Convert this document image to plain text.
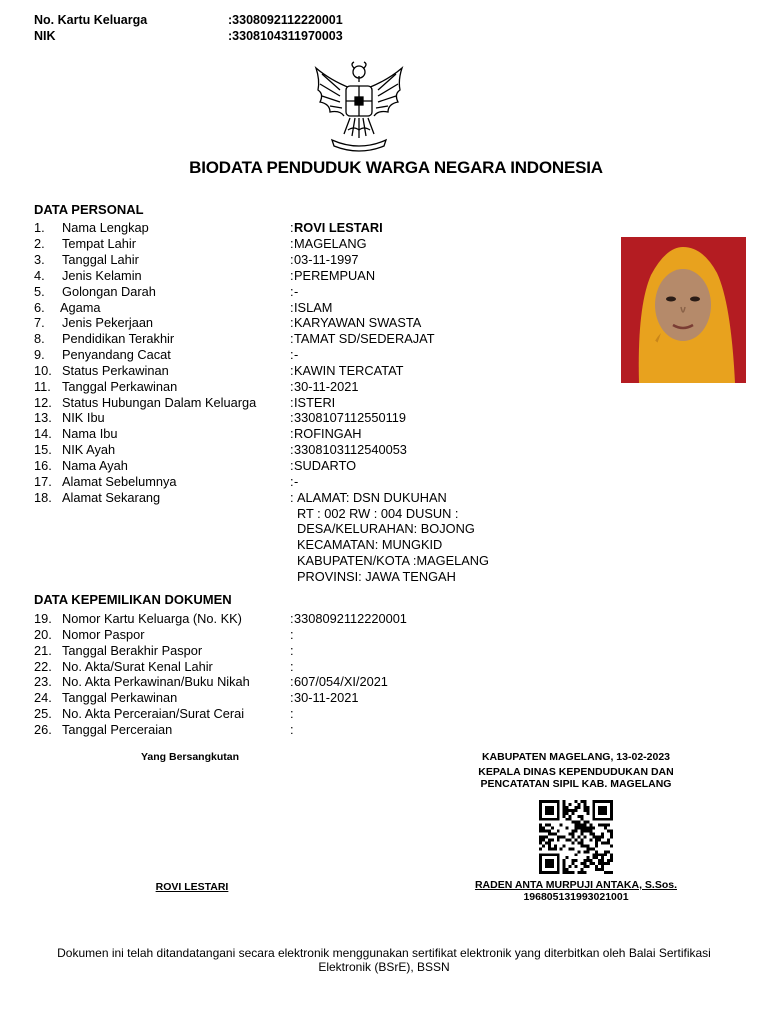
No. Kartu Keluarga	:3308092112220001
NIK	:3308104311970003
BIODATA PENDUDUK WARGA NEGARA INDONESIA
DATA PERSONAL
1. Nama Lengkap	: ROVI LESTARI
2. Tempat Lahir	: MAGELANG
3. Tanggal Lahir	: 03-11-1997
4. Jenis Kelamin	: PEREMPUAN
5. Golongan Darah	: -
6. Agama	: ISLAM
7. Jenis Pekerjaan	: KARYAWAN SWASTA
8. Pendidikan Terakhir	: TAMAT SD/SEDERAJAT
9. Penyandang Cacat	: -
10. Status Perkawinan	: KAWIN TERCATAT
11. Tanggal Perkawinan	: 30-11-2021
12. Status Hubungan Dalam Keluarga	: ISTERI
13. NIK Ibu	: 3308107112550119
14. Nama Ibu	: ROFINGAH
15. NIK Ayah	: 3308103112540053
16. Nama Ayah	: SUDARTO
17. Alamat Sebelumnya	: -
18. Alamat Sekarang	: ALAMAT: DSN DUKUHAN
RT : 002 RW : 004 DUSUN :
DESA/KELURAHAN: BOJONG
KECAMATAN: MUNGKID
KABUPATEN/KOTA :MAGELANG
PROVINSI: JAWA TENGAH
DATA KEPEMILIKAN DOKUMEN
19. Nomor Kartu Keluarga (No. KK)	: 3308092112220001
20. Nomor Paspor	:
21. Tanggal Berakhir Paspor	:
22. No. Akta/Surat Kenal Lahir	:
23. No. Akta Perkawinan/Buku Nikah	: 607/054/XI/2021
24. Tanggal Perkawinan	: 30-11-2021
25. No. Akta Perceraian/Surat Cerai	:
26. Tanggal Perceraian	:
Yang Bersangkutan
ROVI LESTARI
KABUPATEN MAGELANG, 13-02-2023
KEPALA DINAS KEPENDUDUKAN DAN
PENCATATAN SIPIL KAB. MAGELANG
RADEN ANTA MURPUJI ANTAKA, S.Sos.
196805131993021001
Dokumen ini telah ditandatangani secara elektronik menggunakan sertifikat elektronik yang diterbitkan oleh Balai Sertifikasi
Elektronik (BSrE), BSSN
